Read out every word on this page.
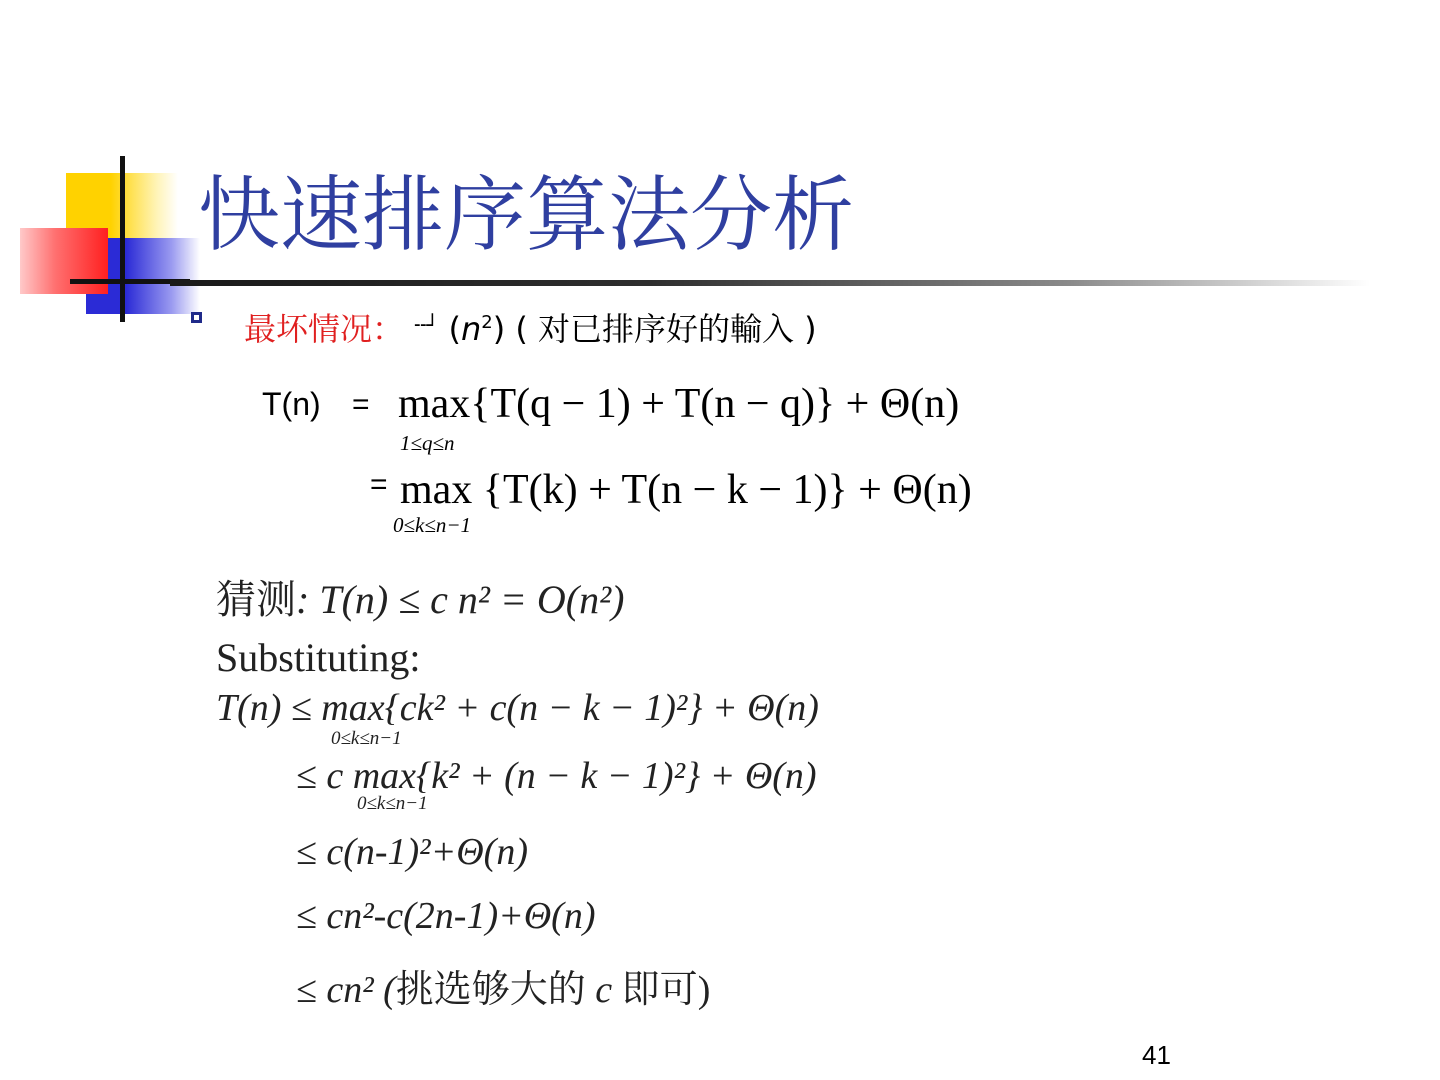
快速排序算法分析
最坏情况： ╌┘ $(n^2)$ ( 对已排序好的輸入 )
T(n) = max{T(q − 1) + T(n − q)} + Θ(n)
1≤q≤n
= max {T(k) + T(n − k − 1)} + Θ(n)
0≤k≤n−1
猜测: T(n) ≤ c n² = O(n²)
Substituting:
T(n) ≤ max{ck² + c(n − k − 1)²} + Θ(n)
0≤k≤n−1
≤ c max{k² + (n − k − 1)²} + Θ(n)
0≤k≤n−1
≤ c(n-1)²+Θ(n)
≤ cn²-c(2n-1)+Θ(n)
≤ cn² (挑选够大的 c 即可)
41
